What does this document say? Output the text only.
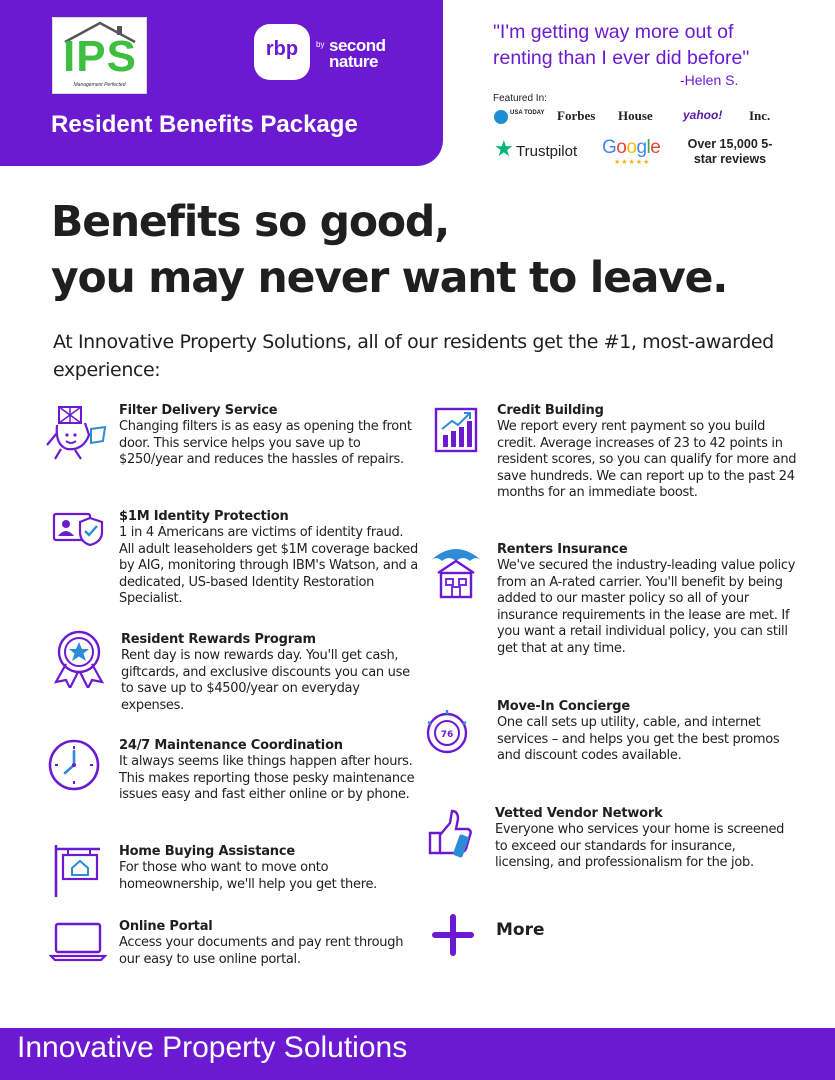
IPS
Management Perfected
rbp	by second nature
Resident Benefits Package
"I'm getting way more out of renting than I ever did before"
-Helen S.
Featured In:
USA TODAY Forbes House	yahoo! Inc.
★ Trustpilot Google
★★★★★
Over 15,000 5-star reviews
Benefits so good,
you may never want to leave.
At Innovative Property Solutions, all of our residents get the #1, most-awarded experience:
Filter Delivery Service
Changing filters is as easy as opening the front door. This service helps you save up to $250/year and reduces the hassles of repairs.
$1M Identity Protection
1 in 4 Americans are victims of identity fraud. All adult leaseholders get $1M coverage backed by AIG, monitoring through IBM's Watson, and a dedicated, US-based Identity Restoration Specialist.
Resident Rewards Program
Rent day is now rewards day. You'll get cash, giftcards, and exclusive discounts you can use to save up to $4500/year on everyday expenses.
24/7 Maintenance Coordination
It always seems like things happen after hours. This makes reporting those pesky maintenance issues easy and fast either online or by phone.
Home Buying Assistance
For those who want to move onto homeownership, we'll help you get there.
Online Portal
Access your documents and pay rent through our easy to use online portal.
Credit Building
We report every rent payment so you build credit. Average increases of 23 to 42 points in resident scores, so you can qualify for more and save hundreds. We can report up to the past 24 months for an immediate boost.
Renters Insurance
We've secured the industry-leading value policy from an A-rated carrier. You'll benefit by being added to our master policy so all of your insurance requirements in the lease are met. If you want a retail individual policy, you can still get that at any time.
76
Move-In Concierge
One call sets up utility, cable, and internet services – and helps you get the best promos and discount codes available.
Vetted Vendor Network
Everyone who services your home is screened to exceed our standards for insurance, licensing, and professionalism for the job.
More
Innovative Property Solutions
